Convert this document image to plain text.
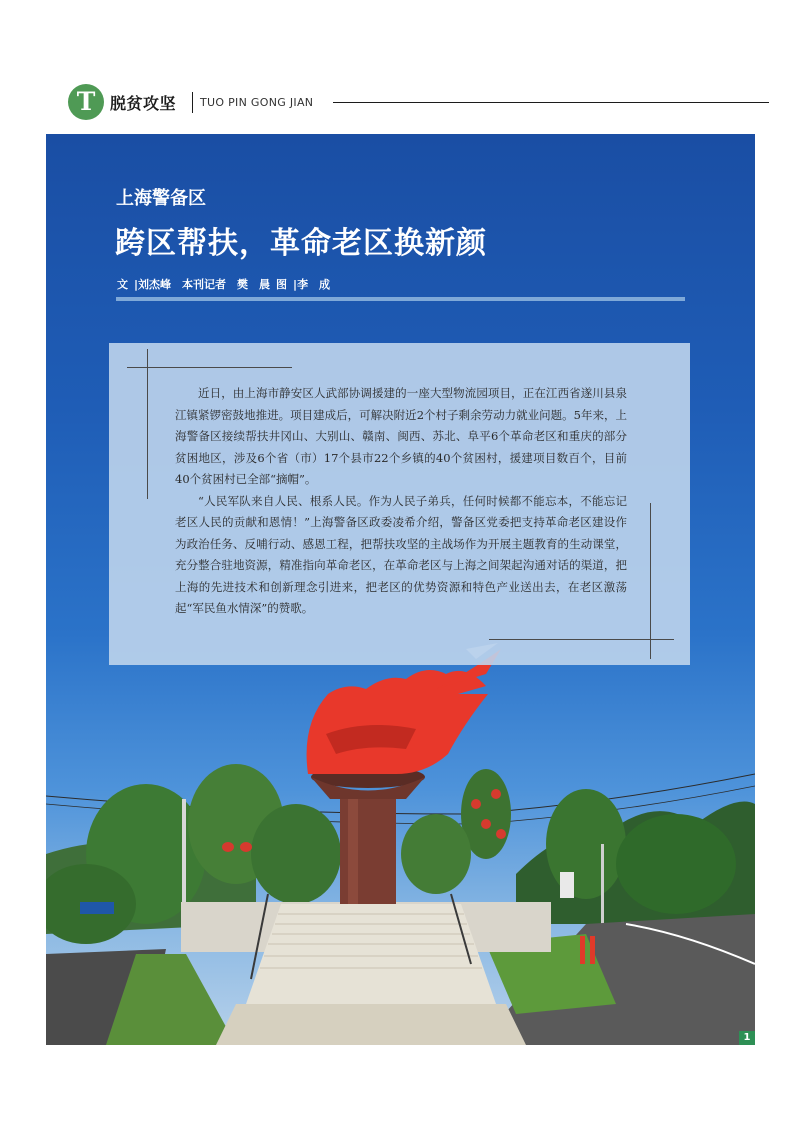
T 脱贫攻坚 TUO PIN GONG JIAN
上海警备区
跨区帮扶，革命老区换新颜
文 |刘杰峰　本刊记者　樊　晨 图 |李　成

近日，由上海市静安区人武部协调援建的一座大型物流园项目，正在江西省遂川县泉江镇紧锣密鼓地推进。项目建成后，可解决附近2个村子剩余劳动力就业问题。5年来，上海警备区接续帮扶井冈山、大别山、赣南、闽西、苏北、阜平6个革命老区和重庆的部分贫困地区，涉及6个省（市）17个县市22个乡镇的40个贫困村，援建项目数百个，目前40个贫困村已全部“摘帽”。

“人民军队来自人民、根系人民。作为人民子弟兵，任何时候都不能忘本，不能忘记老区人民的贡献和恩情！”上海警备区政委凌希介绍，警备区党委把支持革命老区建设作为政治任务、反哺行动、感恩工程，把帮扶攻坚的主战场作为开展主题教育的生动课堂，充分整合驻地资源，精准指向革命老区，在革命老区与上海之间架起沟通对话的渠道，把上海的先进技术和创新理念引进来，把老区的优势资源和特色产业送出去，在老区激荡起“军民鱼水情深”的赞歌。

1
